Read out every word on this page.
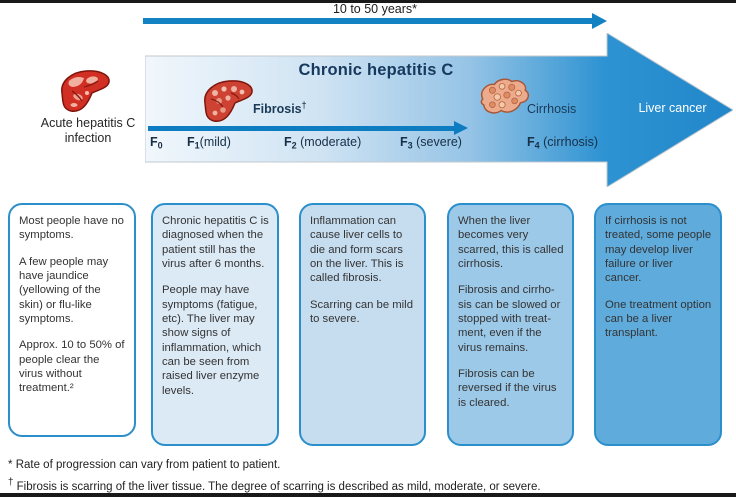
10 to 50 years*
Chronic hepatitis C
Liver cancer
$F_0$ $F_1(mild)$	$F_2$ (moderate)	$F_3$ (severe)	$F_4$ (cirrhosis)
Acute hepatitis C infection
Fibrosis†	Cirrhosis

Most people have no symptoms.

A few people may have jaundice (yellowing of the skin) or flu-like symptoms.

Approx. 10 to 50% of people clear the virus without treatment.²

Chronic hepatitis C is diagnosed when the patient still has the virus after 6 months.

People may have symptoms (fatigue, etc). The liver may show signs of inflammation, which can be seen from raised liver enzyme levels.

Inflammation can cause liver cells to die and form scars on the liver. This is called fibrosis.

Scarring can be mild to severe.

When the liver becomes very scarred, this is called cirrhosis.

Fibrosis and cirrhosis can be slowed or stopped with treatment, even if the virus remains.

Fibrosis can be reversed if the virus is cleared.

If cirrhosis is not treated, some people may develop liver failure or liver cancer.

One treatment option can be a liver transplant.

* Rate of progression can vary from patient to patient.
† Fibrosis is scarring of the liver tissue. The degree of scarring is described as mild, moderate, or severe.
